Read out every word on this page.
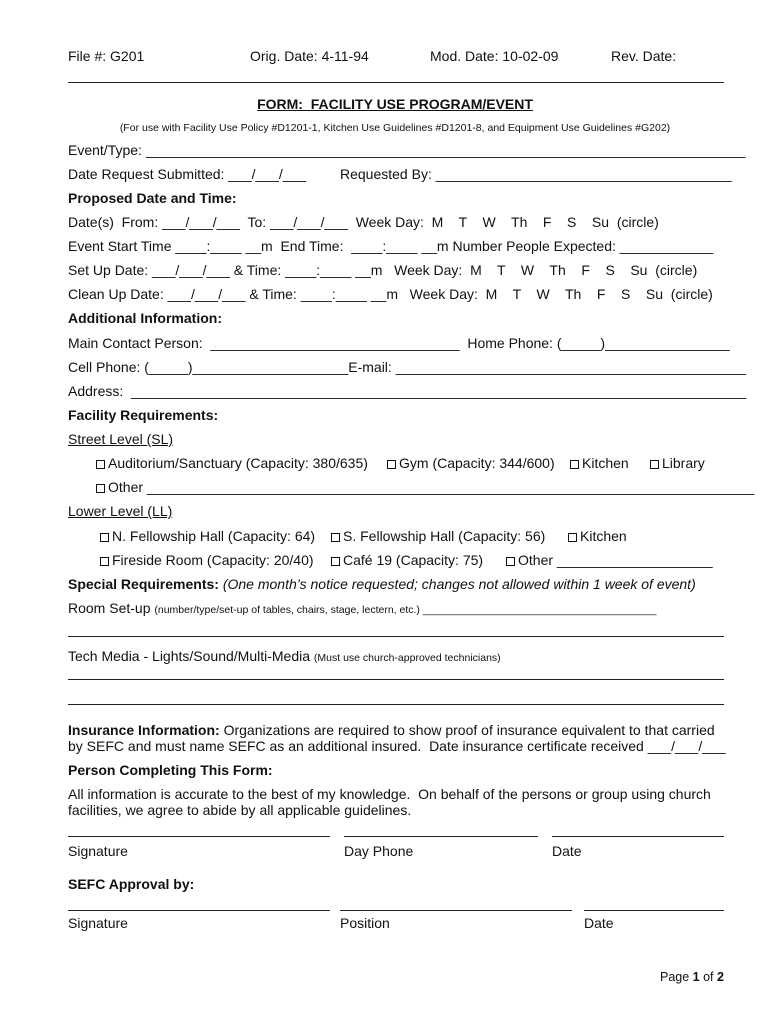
File #: G201	Orig. Date: 4-11-94	Mod. Date: 10-02-09	Rev. Date:
FORM:  FACILITY USE PROGRAM/EVENT
(For use with Facility Use Policy #D1201-1, Kitchen Use Guidelines #D1201-8, and Equipment Use Guidelines #G202)
Event/Type: _____________________________________________________________________________
Date Request Submitted: ___/___/___ Requested By: ______________________________________
Proposed Date and Time:
Date(s)  From: ___/___/___  To: ___/___/___  Week Day:  M    T    W    Th    F    S    Su  (circle)
Event Start Time ____:____ __m  End Time:  ____:____ __m Number People Expected: ____________
Set Up Date: ___/___/___ & Time: ____:____ __m   Week Day:  M    T    W    Th    F    S    Su  (circle)
Clean Up Date: ___/___/___ & Time: ____:____ __m   Week Day:  M    T    W    Th    F    S    Su  (circle)
Additional Information:
Main Contact Person:  ________________________________  Home Phone: (_____)________________
Cell Phone: (_____)____________________E-mail: _____________________________________________
Address:  _______________________________________________________________________________
Facility Requirements:
Street Level (SL)
Auditorium/Sanctuary (Capacity: 380/635)	Gym (Capacity: 344/600)	Kitchen	Library
Other ______________________________________________________________________________
Lower Level (LL)
N. Fellowship Hall (Capacity: 64)	S. Fellowship Hall (Capacity: 56)	Kitchen
Fireside Room (Capacity: 20/40)	Café 19 (Capacity: 75)	Other ____________________
Special Requirements: (One month’s notice requested; changes not allowed within 1 week of event)
Room Set-up (number/type/set-up of tables, chairs, stage, lectern, etc.) ________________________________________
Tech Media - Lights/Sound/Multi-Media (Must use church-approved technicians)
Insurance Information: Organizations are required to show proof of insurance equivalent to that carried
by SEFC and must name SEFC as an additional insured.  Date insurance certificate received ___/___/___
Person Completing This Form:
All information is accurate to the best of my knowledge.  On behalf of the persons or group using church
facilities, we agree to abide by all applicable guidelines.
Signature	Day Phone	Date
SEFC Approval by:
Signature	Position	Date
Page 1 of 2
